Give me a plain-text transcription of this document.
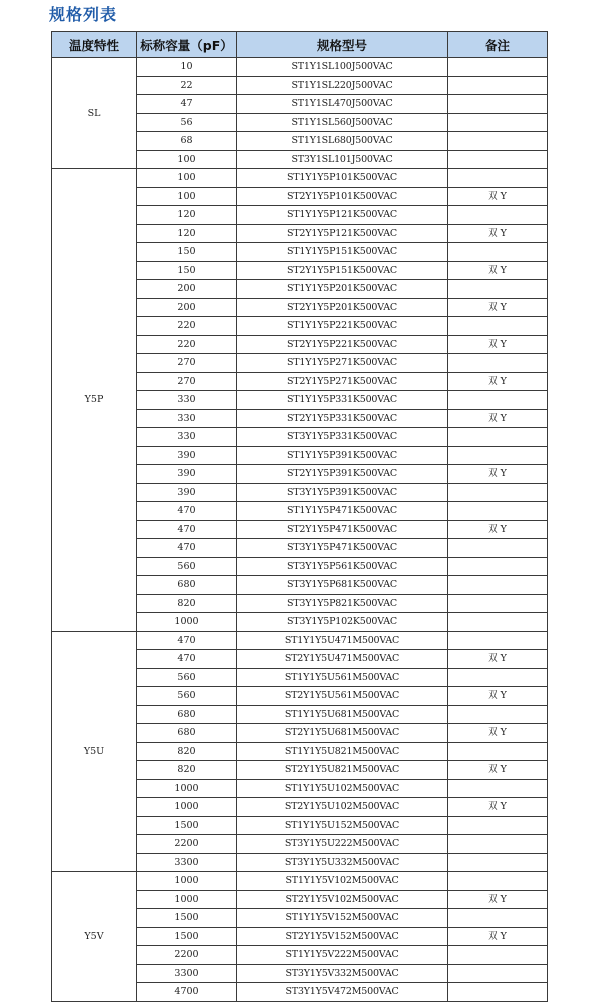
规格列表
温度特性	标称容量（pF）	规格型号	备注
SL	10	ST1Y1SL100J500VAC	
	22	ST1Y1SL220J500VAC	
	47	ST1Y1SL470J500VAC	
	56	ST1Y1SL560J500VAC	
	68	ST1Y1SL680J500VAC	
	100	ST3Y1SL101J500VAC	
Y5P	100	ST1Y1Y5P101K500VAC	
	100	ST2Y1Y5P101K500VAC	双 Y
	120	ST1Y1Y5P121K500VAC	
	120	ST2Y1Y5P121K500VAC	双 Y
	150	ST1Y1Y5P151K500VAC	
	150	ST2Y1Y5P151K500VAC	双 Y
	200	ST1Y1Y5P201K500VAC	
	200	ST2Y1Y5P201K500VAC	双 Y
	220	ST1Y1Y5P221K500VAC	
	220	ST2Y1Y5P221K500VAC	双 Y
	270	ST1Y1Y5P271K500VAC	
	270	ST2Y1Y5P271K500VAC	双 Y
	330	ST1Y1Y5P331K500VAC	
	330	ST2Y1Y5P331K500VAC	双 Y
	330	ST3Y1Y5P331K500VAC	
	390	ST1Y1Y5P391K500VAC	
	390	ST2Y1Y5P391K500VAC	双 Y
	390	ST3Y1Y5P391K500VAC	
	470	ST1Y1Y5P471K500VAC	
	470	ST2Y1Y5P471K500VAC	双 Y
	470	ST3Y1Y5P471K500VAC	
	560	ST3Y1Y5P561K500VAC	
	680	ST3Y1Y5P681K500VAC	
	820	ST3Y1Y5P821K500VAC	
	1000	ST3Y1Y5P102K500VAC	
Y5U	470	ST1Y1Y5U471M500VAC	
	470	ST2Y1Y5U471M500VAC	双 Y
	560	ST1Y1Y5U561M500VAC	
	560	ST2Y1Y5U561M500VAC	双 Y
	680	ST1Y1Y5U681M500VAC	
	680	ST2Y1Y5U681M500VAC	双 Y
	820	ST1Y1Y5U821M500VAC	
	820	ST2Y1Y5U821M500VAC	双 Y
	1000	ST1Y1Y5U102M500VAC	
	1000	ST2Y1Y5U102M500VAC	双 Y
	1500	ST1Y1Y5U152M500VAC	
	2200	ST3Y1Y5U222M500VAC	
	3300	ST3Y1Y5U332M500VAC	
Y5V	1000	ST1Y1Y5V102M500VAC	
	1000	ST2Y1Y5V102M500VAC	双 Y
	1500	ST1Y1Y5V152M500VAC	
	1500	ST2Y1Y5V152M500VAC	双 Y
	2200	ST1Y1Y5V222M500VAC	
	3300	ST3Y1Y5V332M500VAC	
	4700	ST3Y1Y5V472M500VAC	
